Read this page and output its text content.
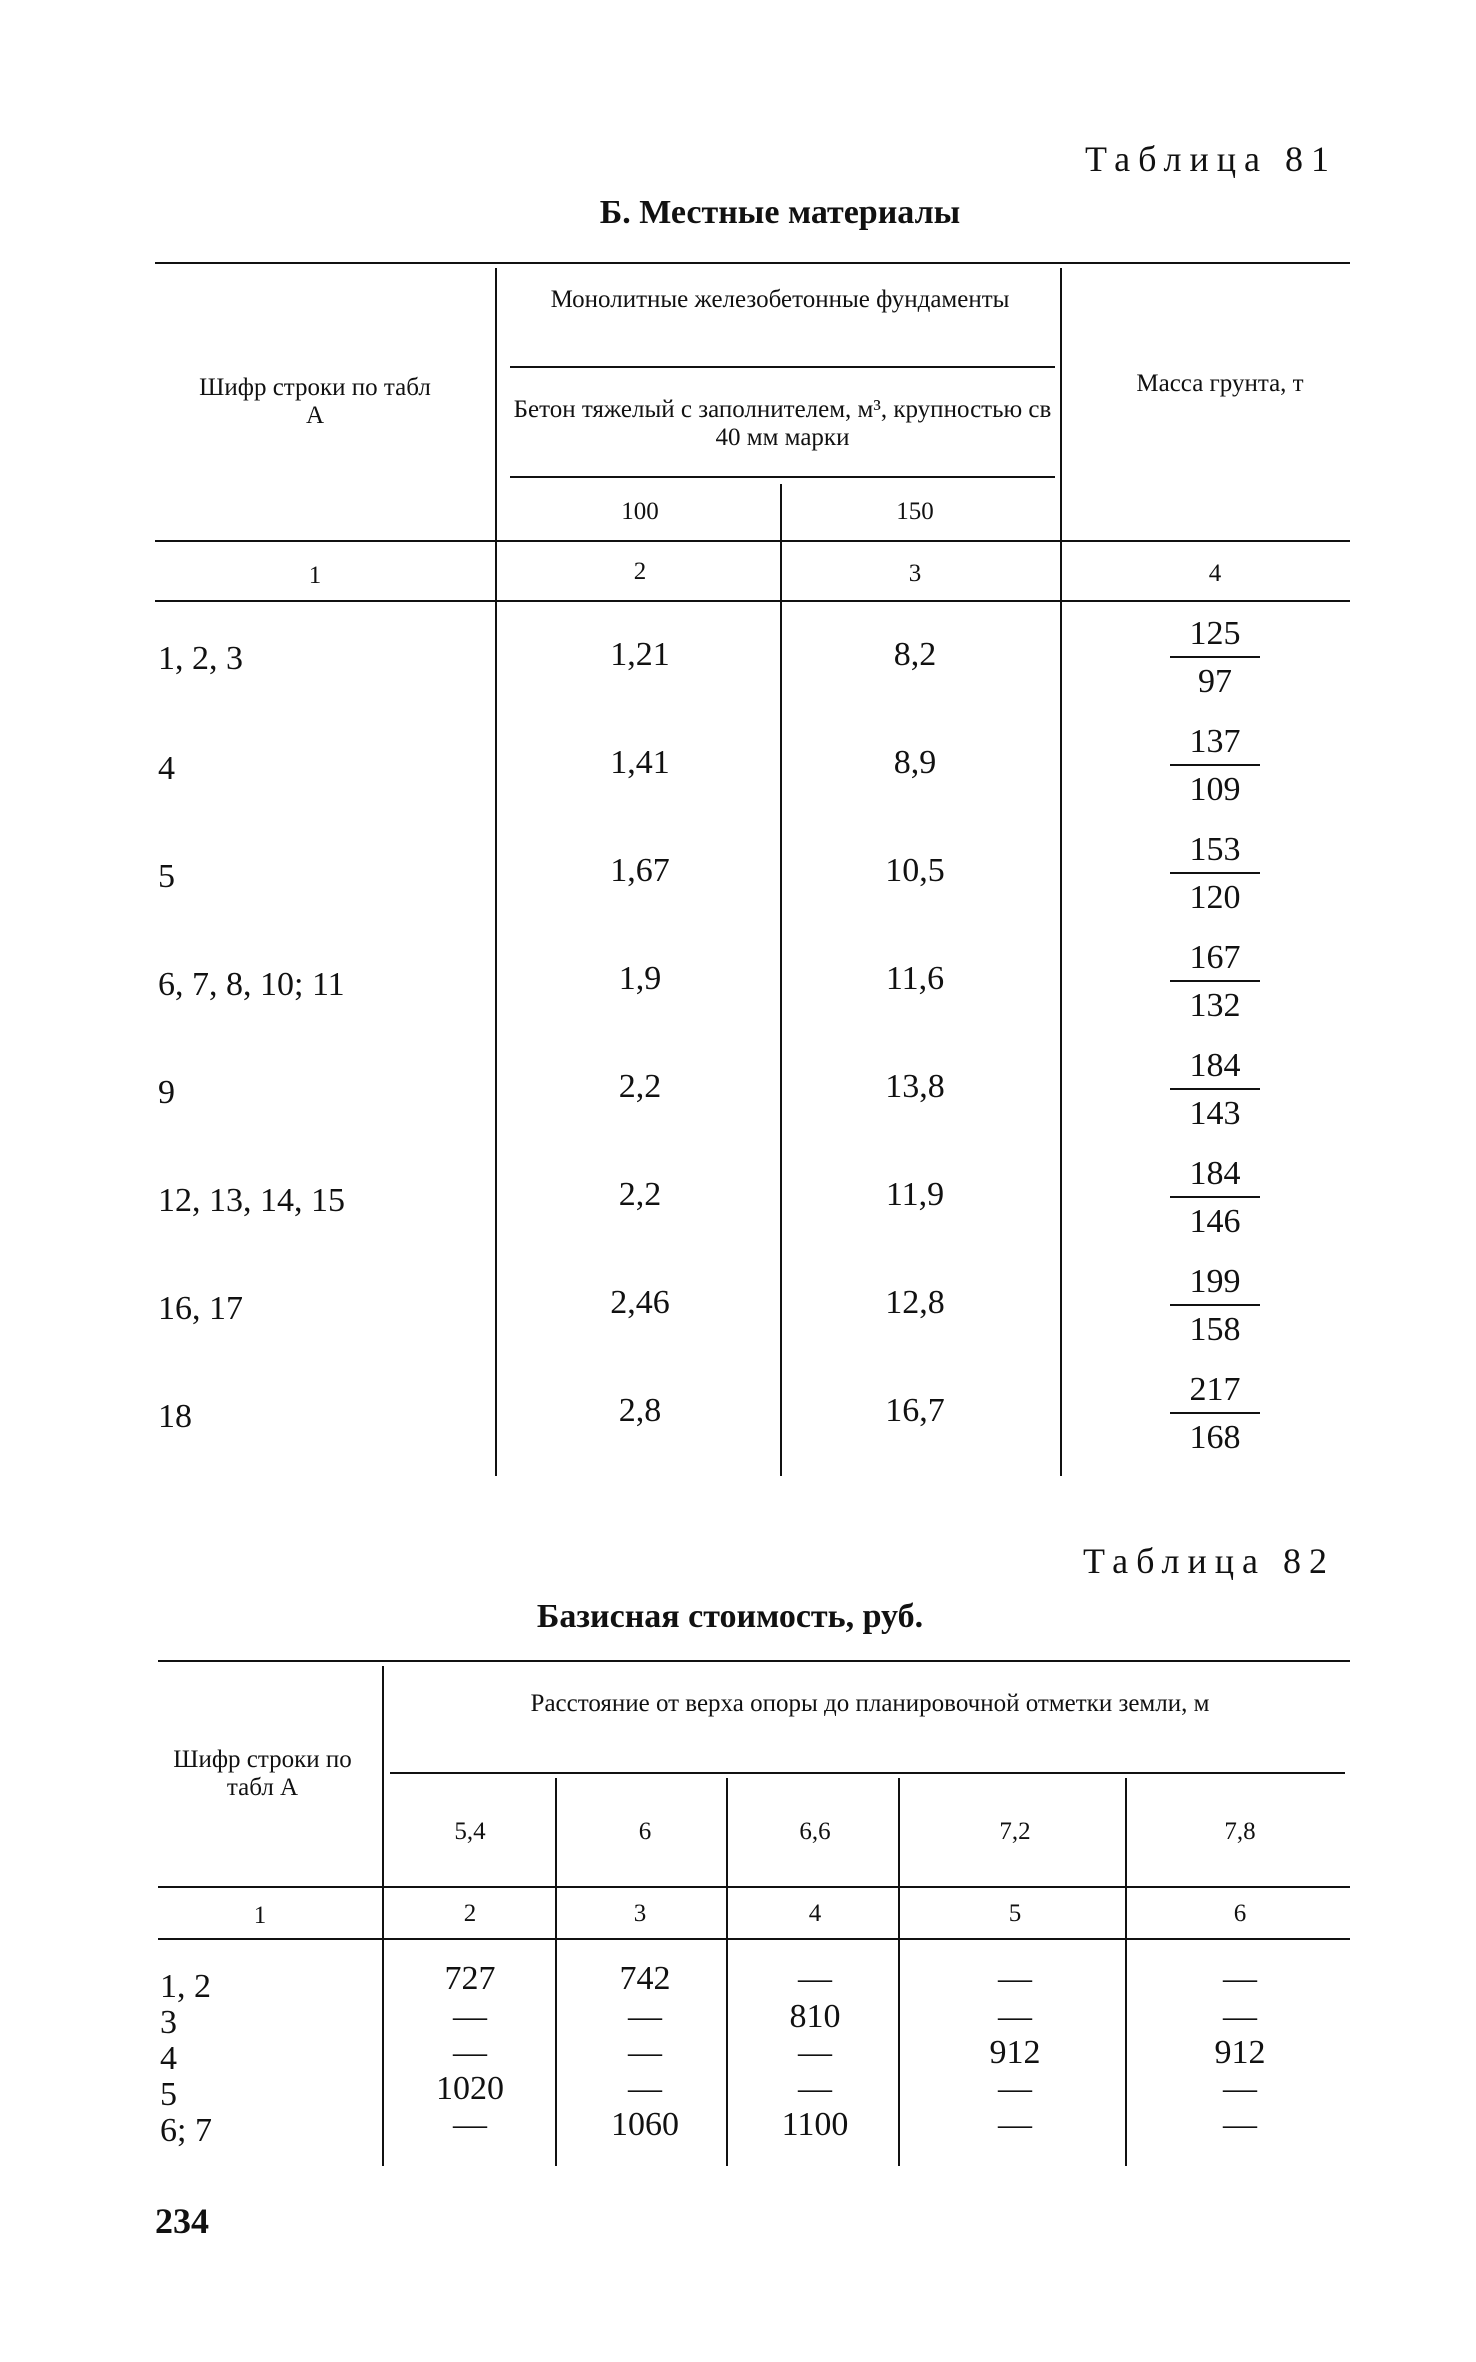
Таблица 81
Б. Местные материалы
Шифр строки по табл А
Монолитные железобетонные фундаменты
Бетон тяжелый с заполнителем, м³, крупностью св 40 мм марки
100	150
Масса грунта, т
1	2	3	4
1, 2, 3	1,21	8,2	$\frac{125}{97}$
4	1,41	8,9	$\frac{137}{109}$
5	1,67	10,5	$\frac{153}{120}$
6, 7, 8, 10; 11	1,9	11,6	$\frac{167}{132}$
9	2,2	13,8	$\frac{184}{143}$
12, 13, 14, 15	2,2	11,9	$\frac{184}{146}$
16, 17	2,46	12,8	$\frac{199}{158}$
18	2,8	16,7	$\frac{217}{168}$
Таблица 82
Базисная стоимость, руб.
Шифр строки по табл А
Расстояние от верха опоры до планировочной отметки земли, м
5,4	6	6,6	7,2	7,8
1	2	3	4	5	6
1, 2	727	742	—	—	—
3	—	—	810	—	—
4	—	—	—	912	912
5	1020	—	—	—	—
6; 7	—	1060	1100	—	—
234
